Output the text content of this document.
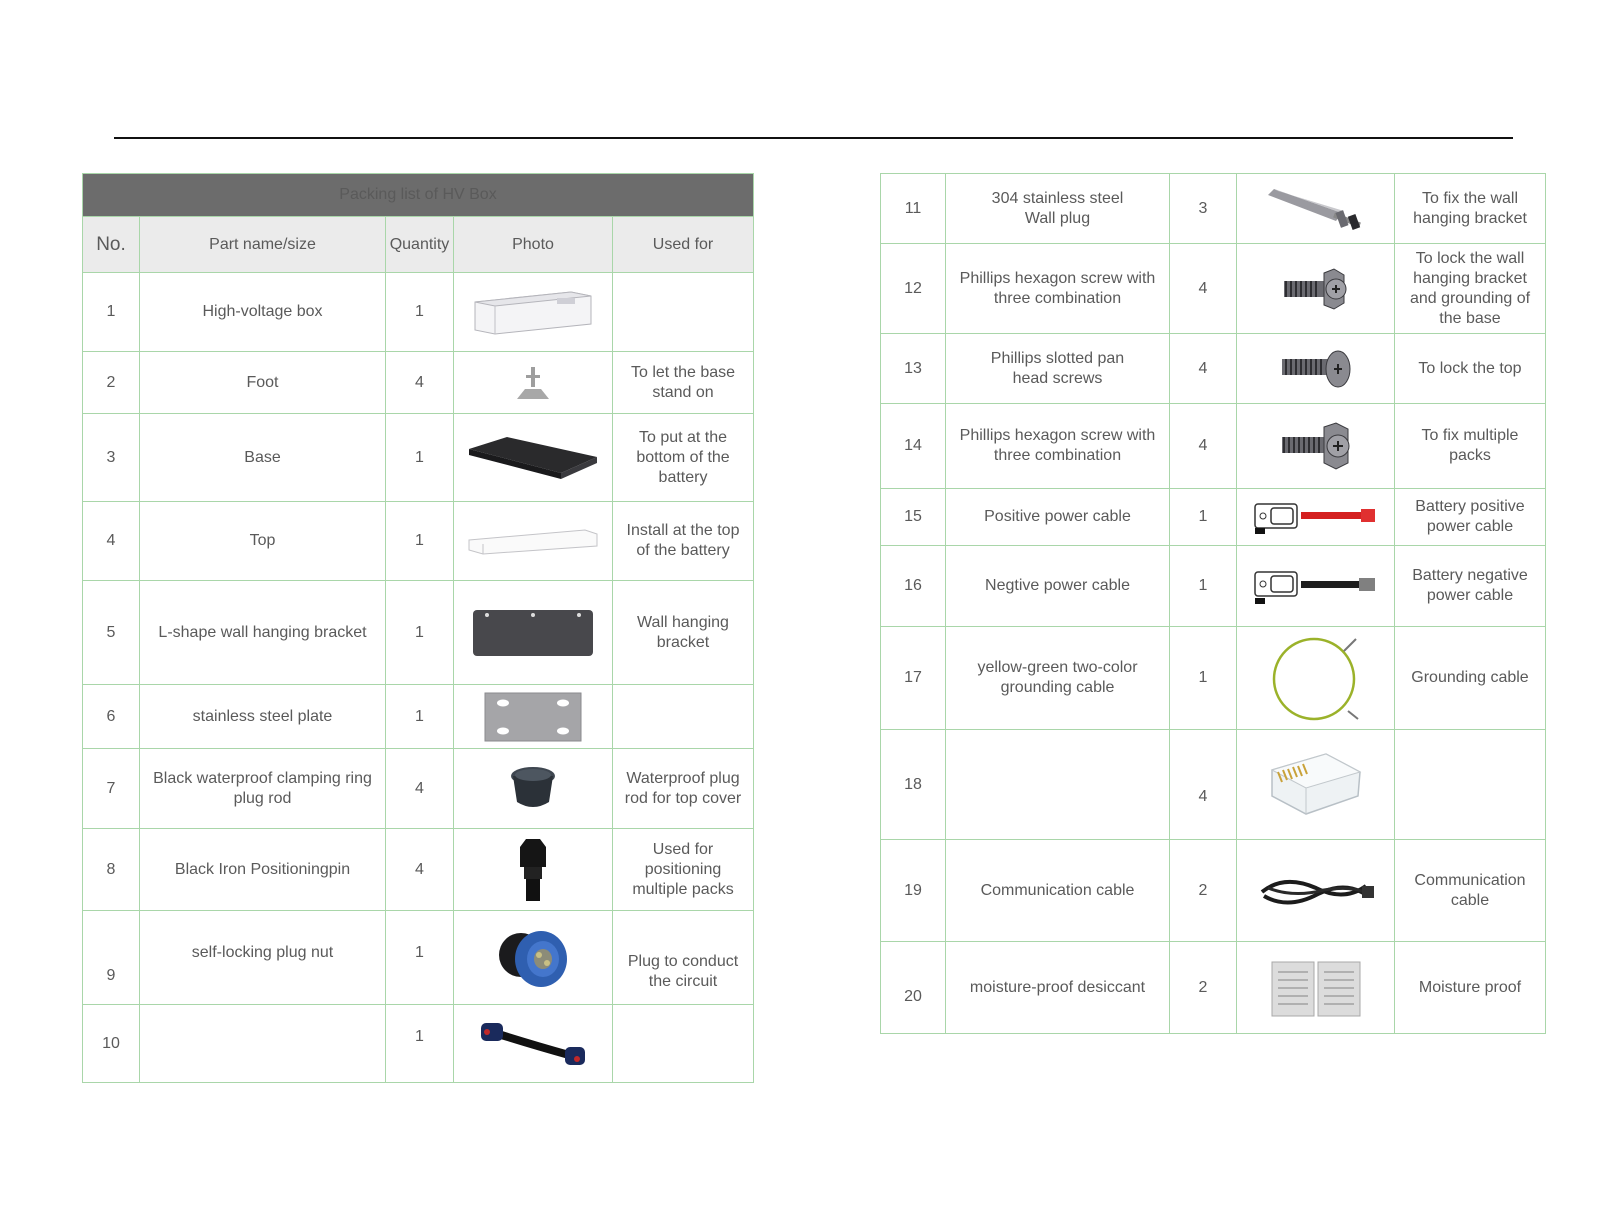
Packing list of HV Box				
No.	Part name/size	Quantity	Photo	Used for
1	High-voltage box	1	

2	Foot	4		To let the base stand on
3	Base	1		To put at the bottom of the battery
4	Top	1		Install at the top of the battery
5	L-shape wall hanging bracket	1		Wall hanging bracket
6	stainless steel plate	1	

7	Black waterproof clamping ring plug rod	4		Waterproof plug rod for top cover
8	Black Iron Positioningpin	4		Used for positioning multiple packs
9	self-locking plug nut	1		Plug to conduct the circuit
10		1	

11	304 stainless steel Wall plug	3		To fix the wall hanging bracket
12	Phillips hexagon screw with three combination	4		To lock the wall hanging bracket and grounding of the base
13	Phillips slotted pan head screws	4		To lock the top
14	Phillips hexagon screw with three combination	4		To fix multiple packs
15	Positive power cable	1		Battery positive power cable
16	Negtive power cable	1		Battery negative power cable
17	yellow-green two-color grounding cable	1		Grounding cable
18		4	

19	Communication cable	2		Communication cable
20	moisture-proof desiccant	2		Moisture proof
